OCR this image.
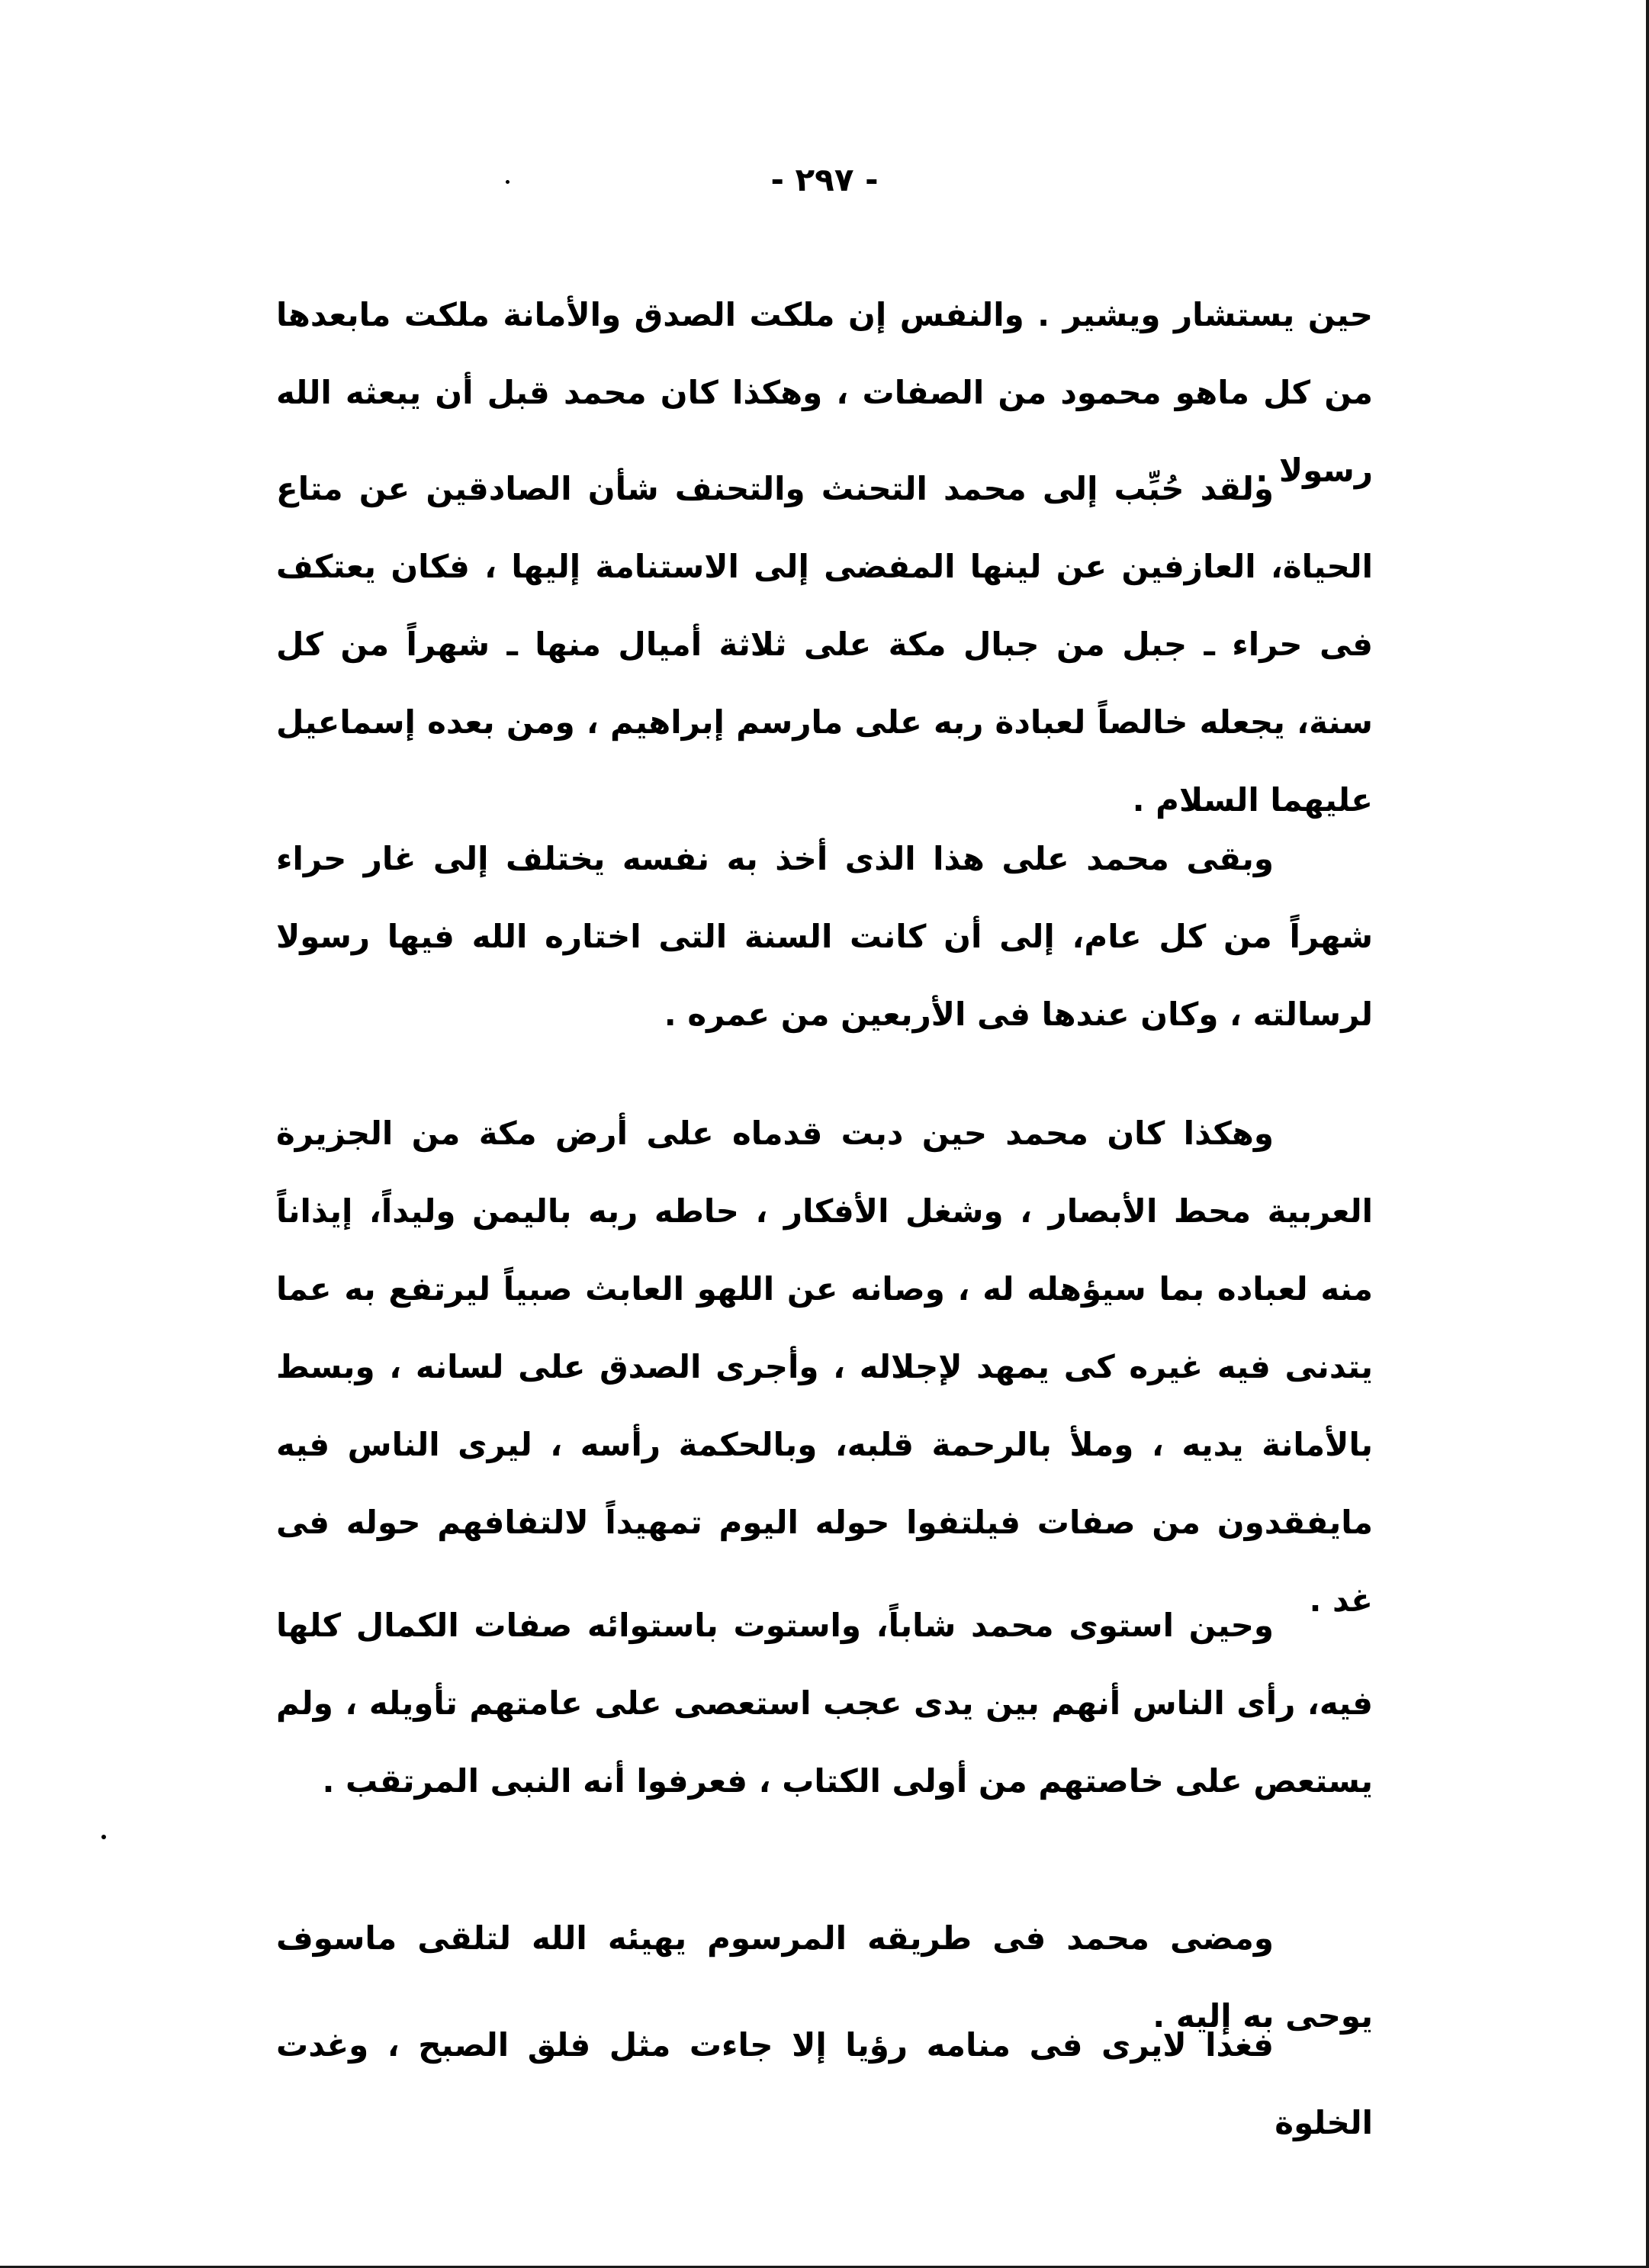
- ٢٩٧ -

حين يستشار ويشير . والنفس إن ملكت الصدق والأمانة ملكت مابعدها من كل ماهو محمود من الصفات ، وهكذا كان محمد قبل أن يبعثه الله رسولا .

ولقد حُبِّب إلى محمد التحنث والتحنف شأن الصادقين عن متاع الحياة، العازفين عن لينها المفضى إلى الاستنامة إليها ، فكان يعتكف فى حراء ـ جبل من جبال مكة على ثلاثة أميال منها ـ شهراً من كل سنة، يجعله خالصاً لعبادة ربه على مارسم إبراهيم ، ومن بعده إسماعيل عليهما السلام .

وبقى محمد على هذا الذى أخذ به نفسه يختلف إلى غار حراء شهراً من كل عام، إلى أن كانت السنة التى اختاره الله فيها رسولا لرسالته ، وكان عندها فى الأربعين من عمره .

وهكذا كان محمد حين دبت قدماه على أرض مكة من الجزيرة العربية محط الأبصار ، وشغل الأفكار ، حاطه ربه باليمن وليداً، إيذاناً منه لعباده بما سيؤهله له ، وصانه عن اللهو العابث صبياً ليرتفع به عما يتدنى فيه غيره كى يمهد لإجلاله ، وأجرى الصدق على لسانه ، وبسط بالأمانة يديه ، وملأ بالرحمة قلبه، وبالحكمة رأسه ، ليرى الناس فيه مايفقدون من صفات فيلتفوا حوله اليوم تمهيداً لالتفافهم حوله فى غد .

وحين استوى محمد شاباً، واستوت باستوائه صفات الكمال كلها فيه، رأى الناس أنهم بين يدى عجب استعصى على عامتهم تأويله ، ولم يستعص على خاصتهم من أولى الكتاب ، فعرفوا أنه النبى المرتقب .

ومضى محمد فى طريقه المرسوم يهيئه الله لتلقى ماسوف يوحى به إليه .

فغدا لايرى فى منامه رؤيا إلا جاءت مثل فلق الصبح ، وغدت الخلوة
